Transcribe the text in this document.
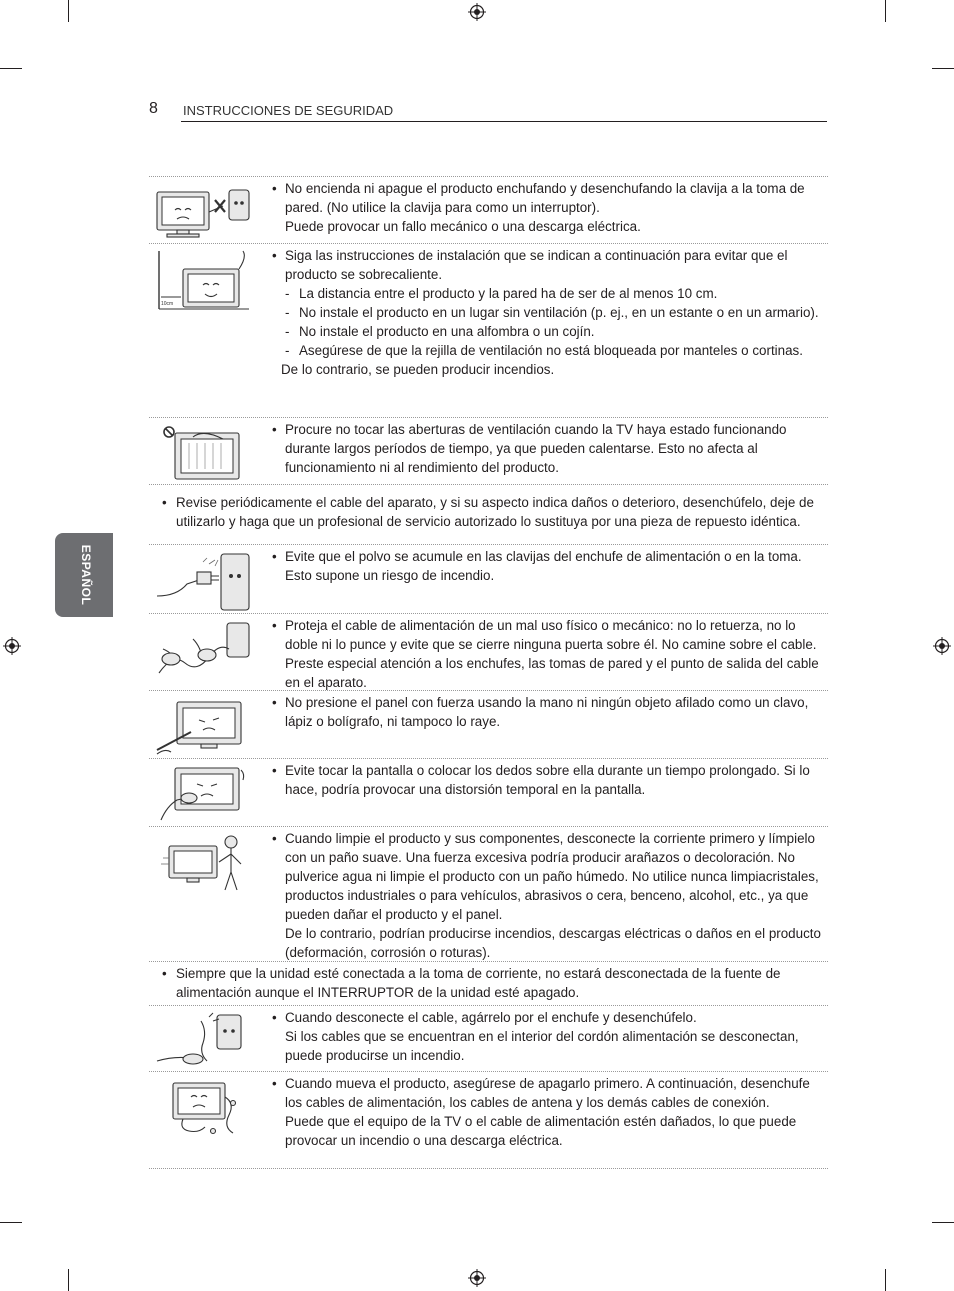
8 INSTRUCCIONES DE SEGURIDAD
ESPAÑOL
• No encienda ni apague el producto enchufando y desenchufando la clavija a la toma de pared. (No utilice la clavija para como un interruptor).
Puede provocar un fallo mecánico o una descarga eléctrica.
10cm
• Siga las instrucciones de instalación que se indican a continuación para evitar que el producto se sobrecaliente.
- La distancia entre el producto y la pared ha de ser de al menos 10 cm.
- No instale el producto en un lugar sin ventilación (p. ej., en un estante o en un armario).
- No instale el producto en una alfombra o un cojín.
- Asegúrese de que la rejilla de ventilación no está bloqueada por manteles o cortinas.
De lo contrario, se pueden producir incendios.
• Procure no tocar las aberturas de ventilación cuando la TV haya estado funcionando durante largos períodos de tiempo, ya que pueden calentarse. Esto no afecta al funcionamiento ni al rendimiento del producto.
• Revise periódicamente el cable del aparato, y si su aspecto indica daños o deterioro, desenchúfelo, deje de utilizarlo y haga que un profesional de servicio autorizado lo sustituya por una pieza de repuesto idéntica.
• Evite que el polvo se acumule en las clavijas del enchufe de alimentación o en la toma.
Esto supone un riesgo de incendio.
• Proteja el cable de alimentación de un mal uso físico o mecánico: no lo retuerza, no lo doble ni lo punce y evite que se cierre ninguna puerta sobre él. No camine sobre el cable. Preste especial atención a los enchufes, las tomas de pared y el punto de salida del cable en el aparato.
• No presione el panel con fuerza usando la mano ni ningún objeto afilado como un clavo, lápiz o bolígrafo, ni tampoco lo raye.
• Evite tocar la pantalla o colocar los dedos sobre ella durante un tiempo prolongado. Si lo hace, podría provocar una distorsión temporal en la pantalla.
• Cuando limpie el producto y sus componentes, desconecte la corriente primero y límpielo con un paño suave. Una fuerza excesiva podría producir arañazos o decoloración. No pulverice agua ni limpie el producto con un paño húmedo. No utilice nunca limpiacristales, productos industriales o para vehículos, abrasivos o cera, benceno, alcohol, etc., ya que pueden dañar el producto y el panel.
De lo contrario, podrían producirse incendios, descargas eléctricas o daños en el producto (deformación, corrosión o roturas).
• Siempre que la unidad esté conectada a la toma de corriente, no estará desconectada de la fuente de alimentación aunque el INTERRUPTOR de la unidad esté apagado.
• Cuando desconecte el cable, agárrelo por el enchufe y desenchúfelo.
Si los cables que se encuentran en el interior del cordón alimentación se desconectan, puede producirse un incendio.
• Cuando mueva el producto, asegúrese de apagarlo primero. A continuación, desenchufe los cables de alimentación, los cables de antena y los demás cables de conexión.
Puede que el equipo de la TV o el cable de alimentación estén dañados, lo que puede provocar un incendio o una descarga eléctrica.
